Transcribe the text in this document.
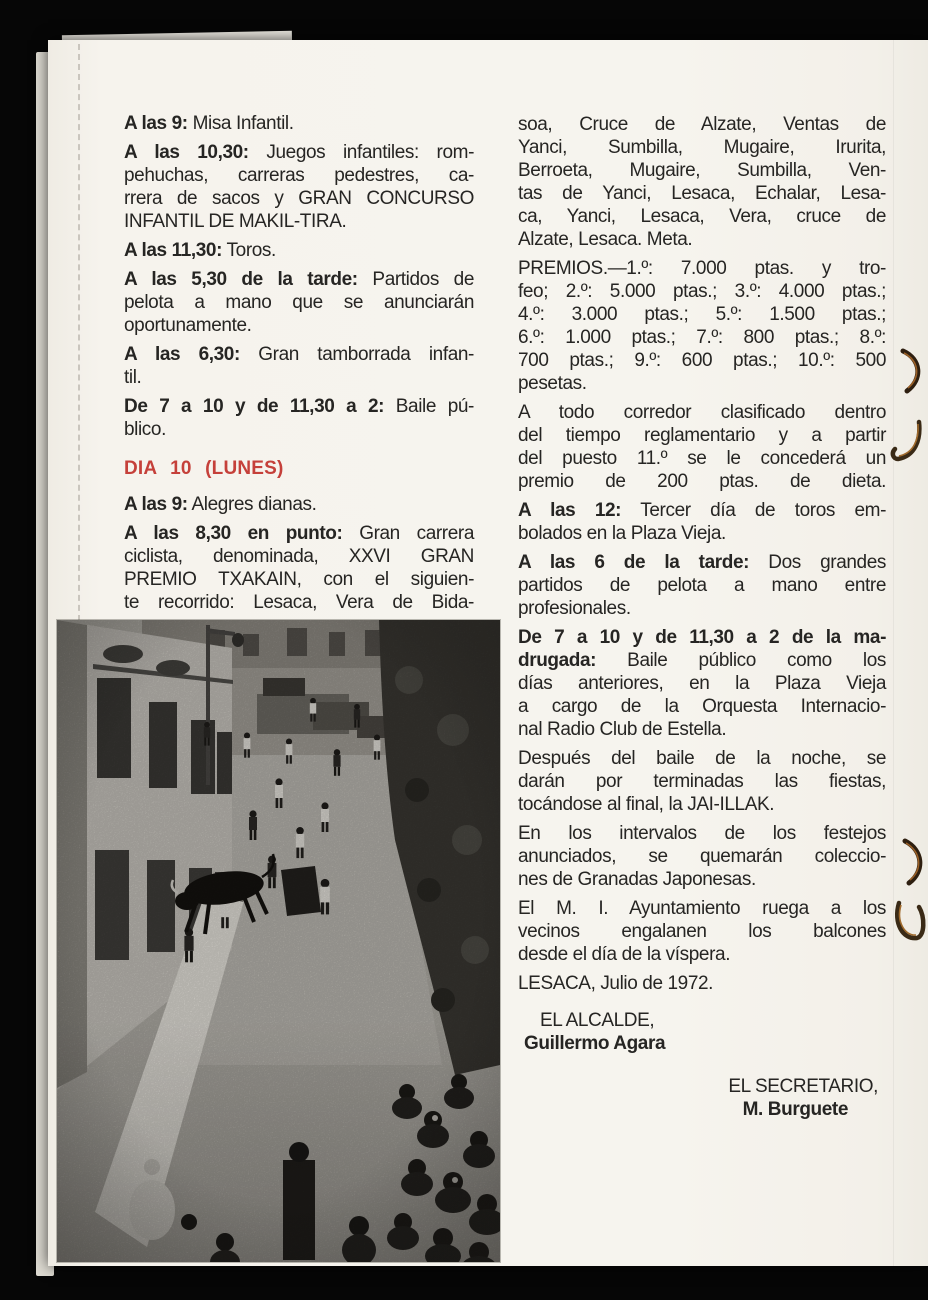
A las 9: Misa Infantil.
A las 10,30: Juegos infantiles: rom-
pehuchas, carreras pedestres, ca-
rrera de sacos y GRAN CONCURSO
INFANTIL DE MAKIL-TIRA.
A las 11,30: Toros.
A las 5,30 de la tarde: Partidos de
pelota a mano que se anunciarán
oportunamente.
A las 6,30: Gran tamborrada infan-
til.
De 7 a 10 y de 11,30 a 2: Baile pú-
blico.
DIA 10 (LUNES)
A las 9: Alegres dianas.
A las 8,30 en punto: Gran carrera
ciclista, denominada, XXVI GRAN
PREMIO TXAKAIN, con el siguien-
te recorrido: Lesaca, Vera de Bida-
soa, Cruce de Alzate, Ventas de
Yanci, Sumbilla, Mugaire, Irurita,
Berroeta, Mugaire, Sumbilla, Ven-
tas de Yanci, Lesaca, Echalar, Lesa-
ca, Yanci, Lesaca, Vera, cruce de
Alzate, Lesaca. Meta.
PREMIOS.—1.º: 7.000 ptas. y tro-
feo; 2.º: 5.000 ptas.; 3.º: 4.000 ptas.;
4.º: 3.000 ptas.; 5.º: 1.500 ptas.;
6.º: 1.000 ptas.; 7.º: 800 ptas.; 8.º:
700 ptas.; 9.º: 600 ptas.; 10.º: 500
pesetas.
A todo corredor clasificado dentro
del tiempo reglamentario y a partir
del puesto 11.º se le concederá un
premio de 200 ptas. de dieta.
A las 12: Tercer día de toros em-
bolados en la Plaza Vieja.
A las 6 de la tarde: Dos grandes
partidos de pelota a mano entre
profesionales.
De 7 a 10 y de 11,30 a 2 de la ma-
drugada: Baile público como los
días anteriores, en la Plaza Vieja
a cargo de la Orquesta Internacio-
nal Radio Club de Estella.
Después del baile de la noche, se
darán por terminadas las fiestas,
tocándose al final, la JAI-ILLAK.
En los intervalos de los festejos
anunciados, se quemarán coleccio-
nes de Granadas Japonesas.
El M. I. Ayuntamiento ruega a los
vecinos engalanen los balcones
desde el día de la víspera.
LESACA, Julio de 1972.
EL ALCALDE,
Guillermo Agara
EL SECRETARIO,
M. Burguete
